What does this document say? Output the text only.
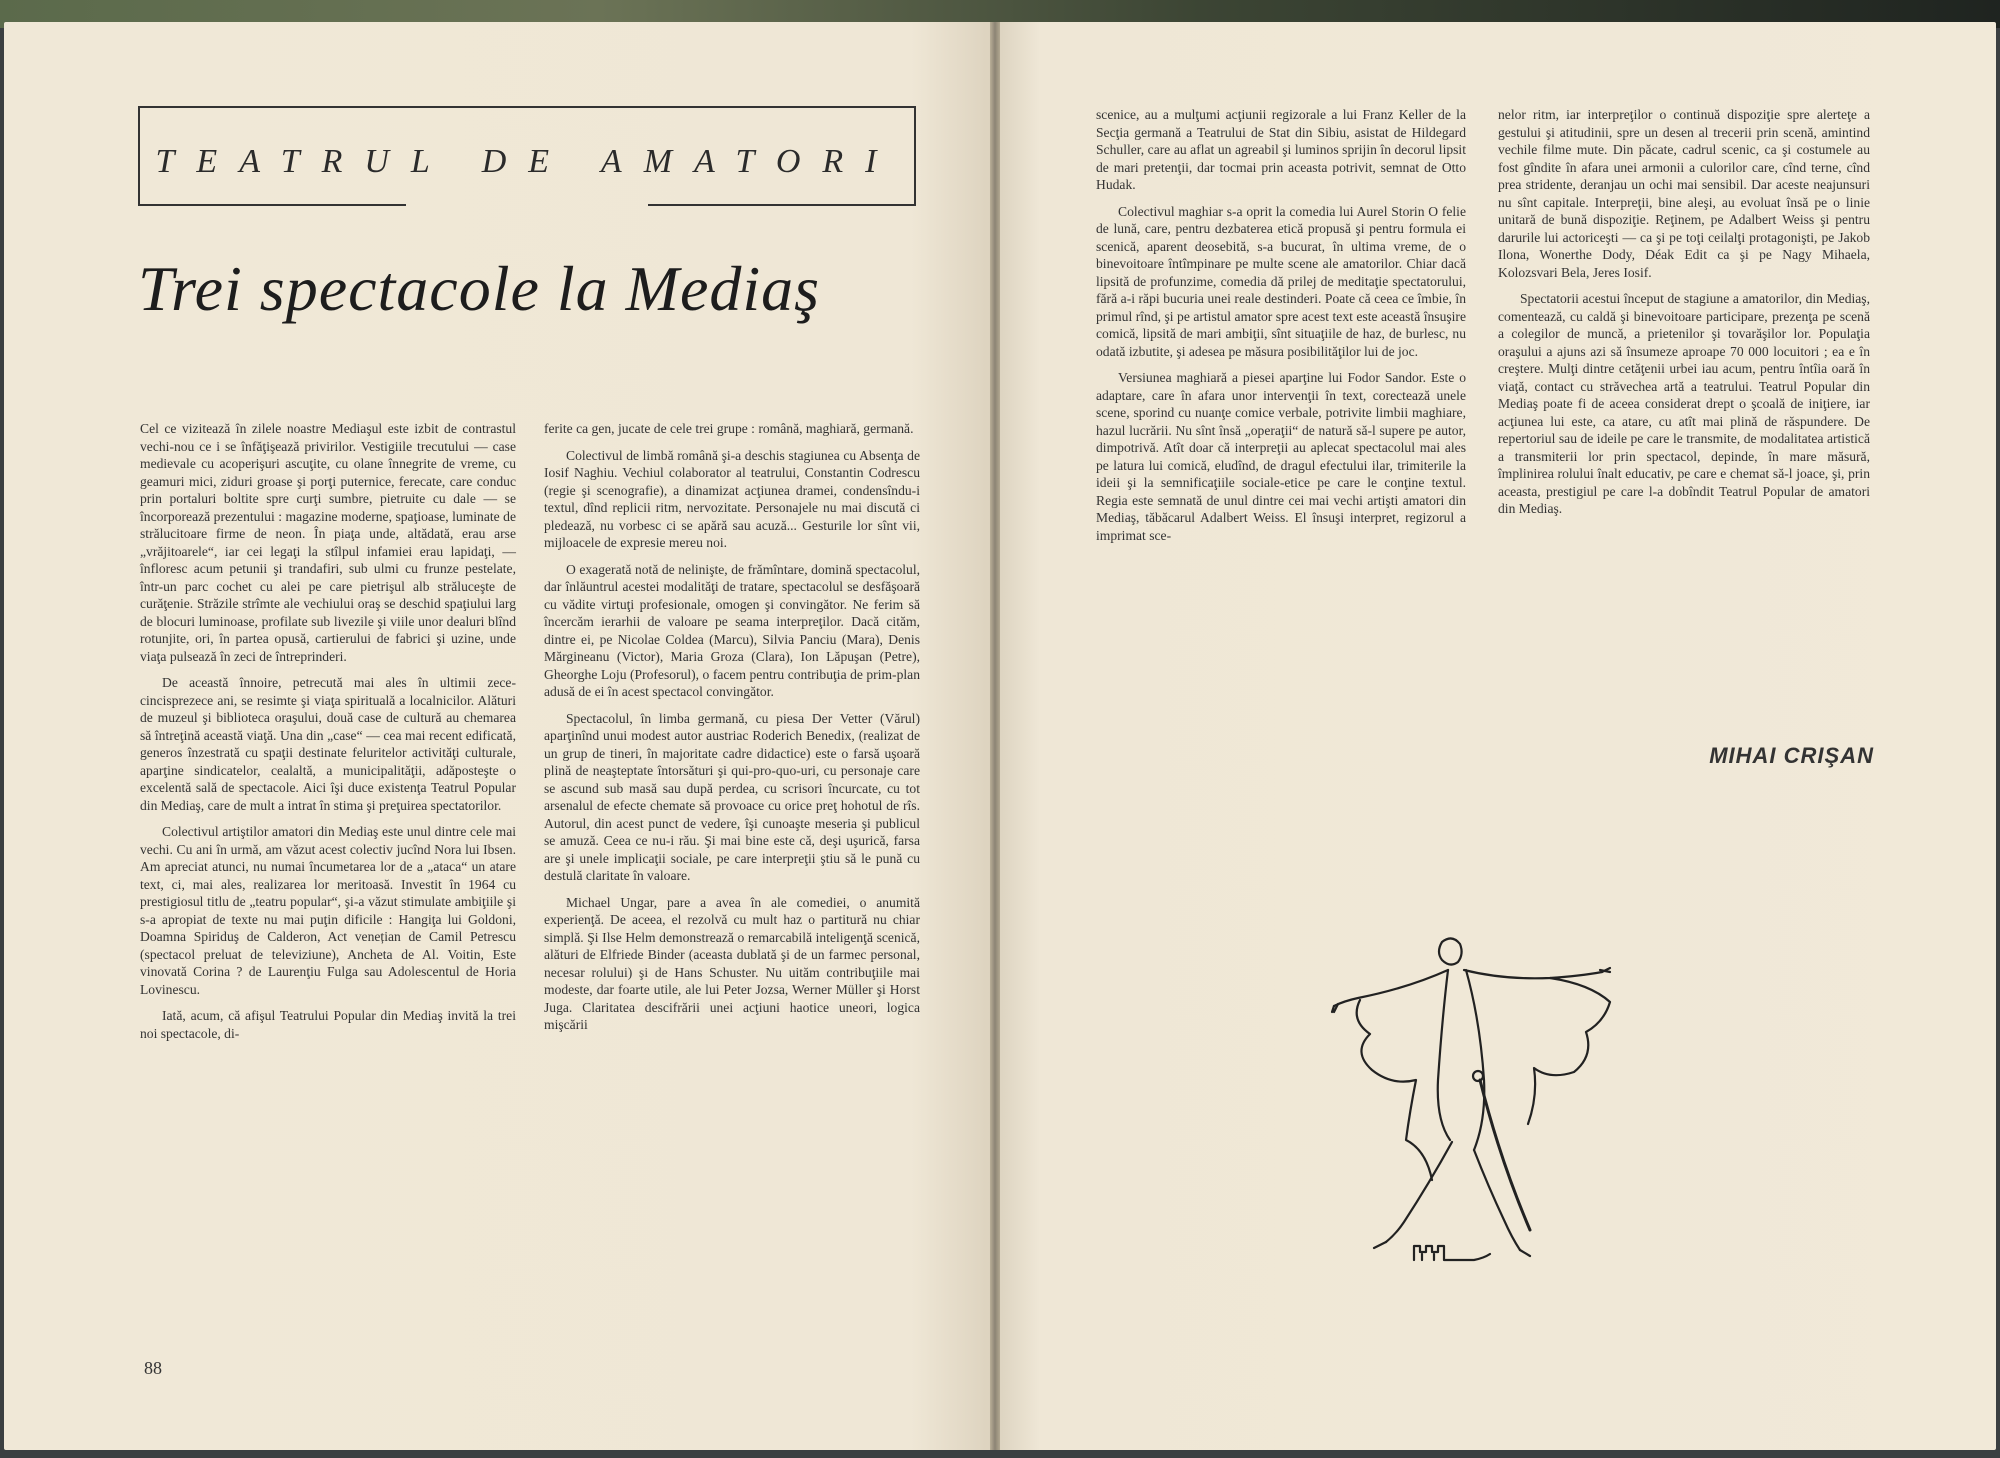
TEATRUL DE AMATORI
Trei spectacole la Mediaş

Cel ce vizitează în zilele noastre Mediaşul este izbit de contrastul vechi-nou ce i se înfăţişează privirilor. Vestigiile trecutului — case medievale cu acoperişuri ascuţite, cu olane înnegrite de vreme, cu geamuri mici, ziduri groase şi porţi puternice, ferecate, care conduc prin portaluri boltite spre curţi sumbre, pietruite cu dale — se încorporează prezentului : magazine moderne, spaţioase, luminate de strălucitoare firme de neon. În piaţa unde, altădată, erau arse „vrăjitoarele“, iar cei legaţi la stîlpul infamiei erau lapidaţi, — înfloresc acum petunii şi trandafiri, sub ulmi cu frunze pestelate, într-un parc cochet cu alei pe care pietrişul alb străluceşte de curăţenie. Străzile strîmte ale vechiului oraş se deschid spaţiului larg de blocuri luminoase, profilate sub livezile şi viile unor dealuri blînd rotunjite, ori, în partea opusă, cartierului de fabrici şi uzine, unde viaţa pulsează în zeci de întreprinderi.

De această înnoire, petrecută mai ales în ultimii zece-cincisprezece ani, se resimte şi viaţa spirituală a localnicilor. Alături de muzeul şi biblioteca oraşului, două case de cultură au chemarea să întreţină această viaţă. Una din „case“ — cea mai recent edificată, generos înzestrată cu spaţii destinate feluritelor activităţi culturale, aparţine sindicatelor, cealaltă, a municipalităţii, adăposteşte o excelentă sală de spectacole. Aici îşi duce existenţa Teatrul Popular din Mediaş, care de mult a intrat în stima şi preţuirea spectatorilor.

Colectivul artiştilor amatori din Mediaş este unul dintre cele mai vechi. Cu ani în urmă, am văzut acest colectiv jucînd Nora lui Ibsen. Am apreciat atunci, nu numai încumetarea lor de a „ataca“ un atare text, ci, mai ales, realizarea lor meritoasă. Investit în 1964 cu prestigiosul titlu de „teatru popular“, şi-a văzut stimulate ambiţiile şi s-a apropiat de texte nu mai puţin dificile : Hangiţa lui Goldoni, Doamna Spiriduş de Calderon, Act venețian de Camil Petrescu (spectacol preluat de televiziune), Ancheta de Al. Voitin, Este vinovată Corina ? de Laurenţiu Fulga sau Adolescentul de Horia Lovinescu.

Iată, acum, că afişul Teatrului Popular din Mediaş invită la trei noi spectacole, di-

ferite ca gen, jucate de cele trei grupe : română, maghiară, germană.

Colectivul de limbă română şi-a deschis stagiunea cu Absenţa de Iosif Naghiu. Vechiul colaborator al teatrului, Constantin Codrescu (regie şi scenografie), a dinamizat acţiunea dramei, condensîndu-i textul, dînd replicii ritm, nervozitate. Personajele nu mai discută ci pledează, nu vorbesc ci se apără sau acuză... Gesturile lor sînt vii, mijloacele de expresie mereu noi.

O exagerată notă de nelinişte, de frămîntare, domină spectacolul, dar înlăuntrul acestei modalităţi de tratare, spectacolul se desfăşoară cu vădite virtuţi profesionale, omogen şi convingător. Ne ferim să încercăm ierarhii de valoare pe seama interpreţilor. Dacă cităm, dintre ei, pe Nicolae Coldea (Marcu), Silvia Panciu (Mara), Denis Mărgineanu (Victor), Maria Groza (Clara), Ion Lăpuşan (Petre), Gheorghe Loju (Profesorul), o facem pentru contribuţia de prim-plan adusă de ei în acest spectacol convingător.

Spectacolul, în limba germană, cu piesa Der Vetter (Vărul) aparţinînd unui modest autor austriac Roderich Benedix, (realizat de un grup de tineri, în majoritate cadre didactice) este o farsă uşoară plină de neaşteptate întorsături şi qui-pro-quo-uri, cu personaje care se ascund sub masă sau după perdea, cu scrisori încurcate, cu tot arsenalul de efecte chemate să provoace cu orice preţ hohotul de rîs. Autorul, din acest punct de vedere, îşi cunoaşte meseria şi publicul se amuză. Ceea ce nu-i rău. Şi mai bine este că, deşi uşurică, farsa are şi unele implicaţii sociale, pe care interpreţii ştiu să le pună cu destulă claritate în valoare.

Michael Ungar, pare a avea în ale comediei, o anumită experienţă. De aceea, el rezolvă cu mult haz o partitură nu chiar simplă. Şi Ilse Helm demonstrează o remarcabilă inteligenţă scenică, alături de Elfriede Binder (aceasta dublată şi de un farmec personal, necesar rolului) şi de Hans Schuster. Nu uităm contribuţiile mai modeste, dar foarte utile, ale lui Peter Jozsa, Werner Müller şi Horst Juga. Claritatea descifrării unei acţiuni haotice uneori, logica mişcării

88

scenice, au a mulţumi acţiunii regizorale a lui Franz Keller de la Secţia germană a Teatrului de Stat din Sibiu, asistat de Hildegard Schuller, care au aflat un agreabil şi luminos sprijin în decorul lipsit de mari pretenţii, dar tocmai prin aceasta potrivit, semnat de Otto Hudak.

Colectivul maghiar s-a oprit la comedia lui Aurel Storin O felie de lună, care, pentru dezbaterea etică propusă şi pentru formula ei scenică, aparent deosebită, s-a bucurat, în ultima vreme, de o binevoitoare întîmpinare pe multe scene ale amatorilor. Chiar dacă lipsită de profunzime, comedia dă prilej de meditaţie spectatorului, fără a-i răpi bucuria unei reale destinderi. Poate că ceea ce îmbie, în primul rînd, şi pe artistul amator spre acest text este această însuşire comică, lipsită de mari ambiţii, sînt situaţiile de haz, de burlesc, nu odată izbutite, şi adesea pe măsura posibilităţilor lui de joc.

Versiunea maghiară a piesei aparţine lui Fodor Sandor. Este o adaptare, care în afara unor intervenţii în text, corectează unele scene, sporind cu nuanţe comice verbale, potrivite limbii maghiare, hazul lucrării. Nu sînt însă „operaţii“ de natură să-l supere pe autor, dimpotrivă. Atît doar că interpreţii au aplecat spectacolul mai ales pe latura lui comică, eludînd, de dragul efectului ilar, trimiterile la ideii şi la semnificaţiile sociale-etice pe care le conţine textul. Regia este semnată de unul dintre cei mai vechi artişti amatori din Mediaş, tăbăcarul Adalbert Weiss. El însuşi interpret, regizorul a imprimat sce-

nelor ritm, iar interpreţilor o continuă dispoziţie spre alerteţe a gestului şi atitudinii, spre un desen al trecerii prin scenă, amintind vechile filme mute. Din păcate, cadrul scenic, ca şi costumele au fost gîndite în afara unei armonii a culorilor care, cînd terne, cînd prea stridente, deranjau un ochi mai sensibil. Dar aceste neajunsuri nu sînt capitale. Interpreţii, bine aleşi, au evoluat însă pe o linie unitară de bună dispoziţie. Reţinem, pe Adalbert Weiss şi pentru darurile lui actoriceşti — ca şi pe toţi ceilalţi protagonişti, pe Jakob Ilona, Wonerthe Dody, Déak Edit ca şi pe Nagy Mihaela, Kolozsvari Bela, Jeres Iosif.

Spectatorii acestui început de stagiune a amatorilor, din Mediaş, comentează, cu caldă şi binevoitoare participare, prezenţa pe scenă a colegilor de muncă, a prietenilor şi tovarăşilor lor. Populaţia oraşului a ajuns azi să însumeze aproape 70 000 locuitori ; ea e în creştere. Mulţi dintre cetăţenii urbei iau acum, pentru întîia oară în viaţă, contact cu străvechea artă a teatrului. Teatrul Popular din Mediaş poate fi de aceea considerat drept o şcoală de iniţiere, iar acţiunea lui este, ca atare, cu atît mai plină de răspundere. De repertoriul sau de ideile pe care le transmite, de modalitatea artistică a transmiterii lor prin spectacol, depinde, în mare măsură, împlinirea rolului înalt educativ, pe care e chemat să-l joace, şi, prin aceasta, prestigiul pe care l-a dobîndit Teatrul Popular de amatori din Mediaş.

MIHAI CRIŞAN
